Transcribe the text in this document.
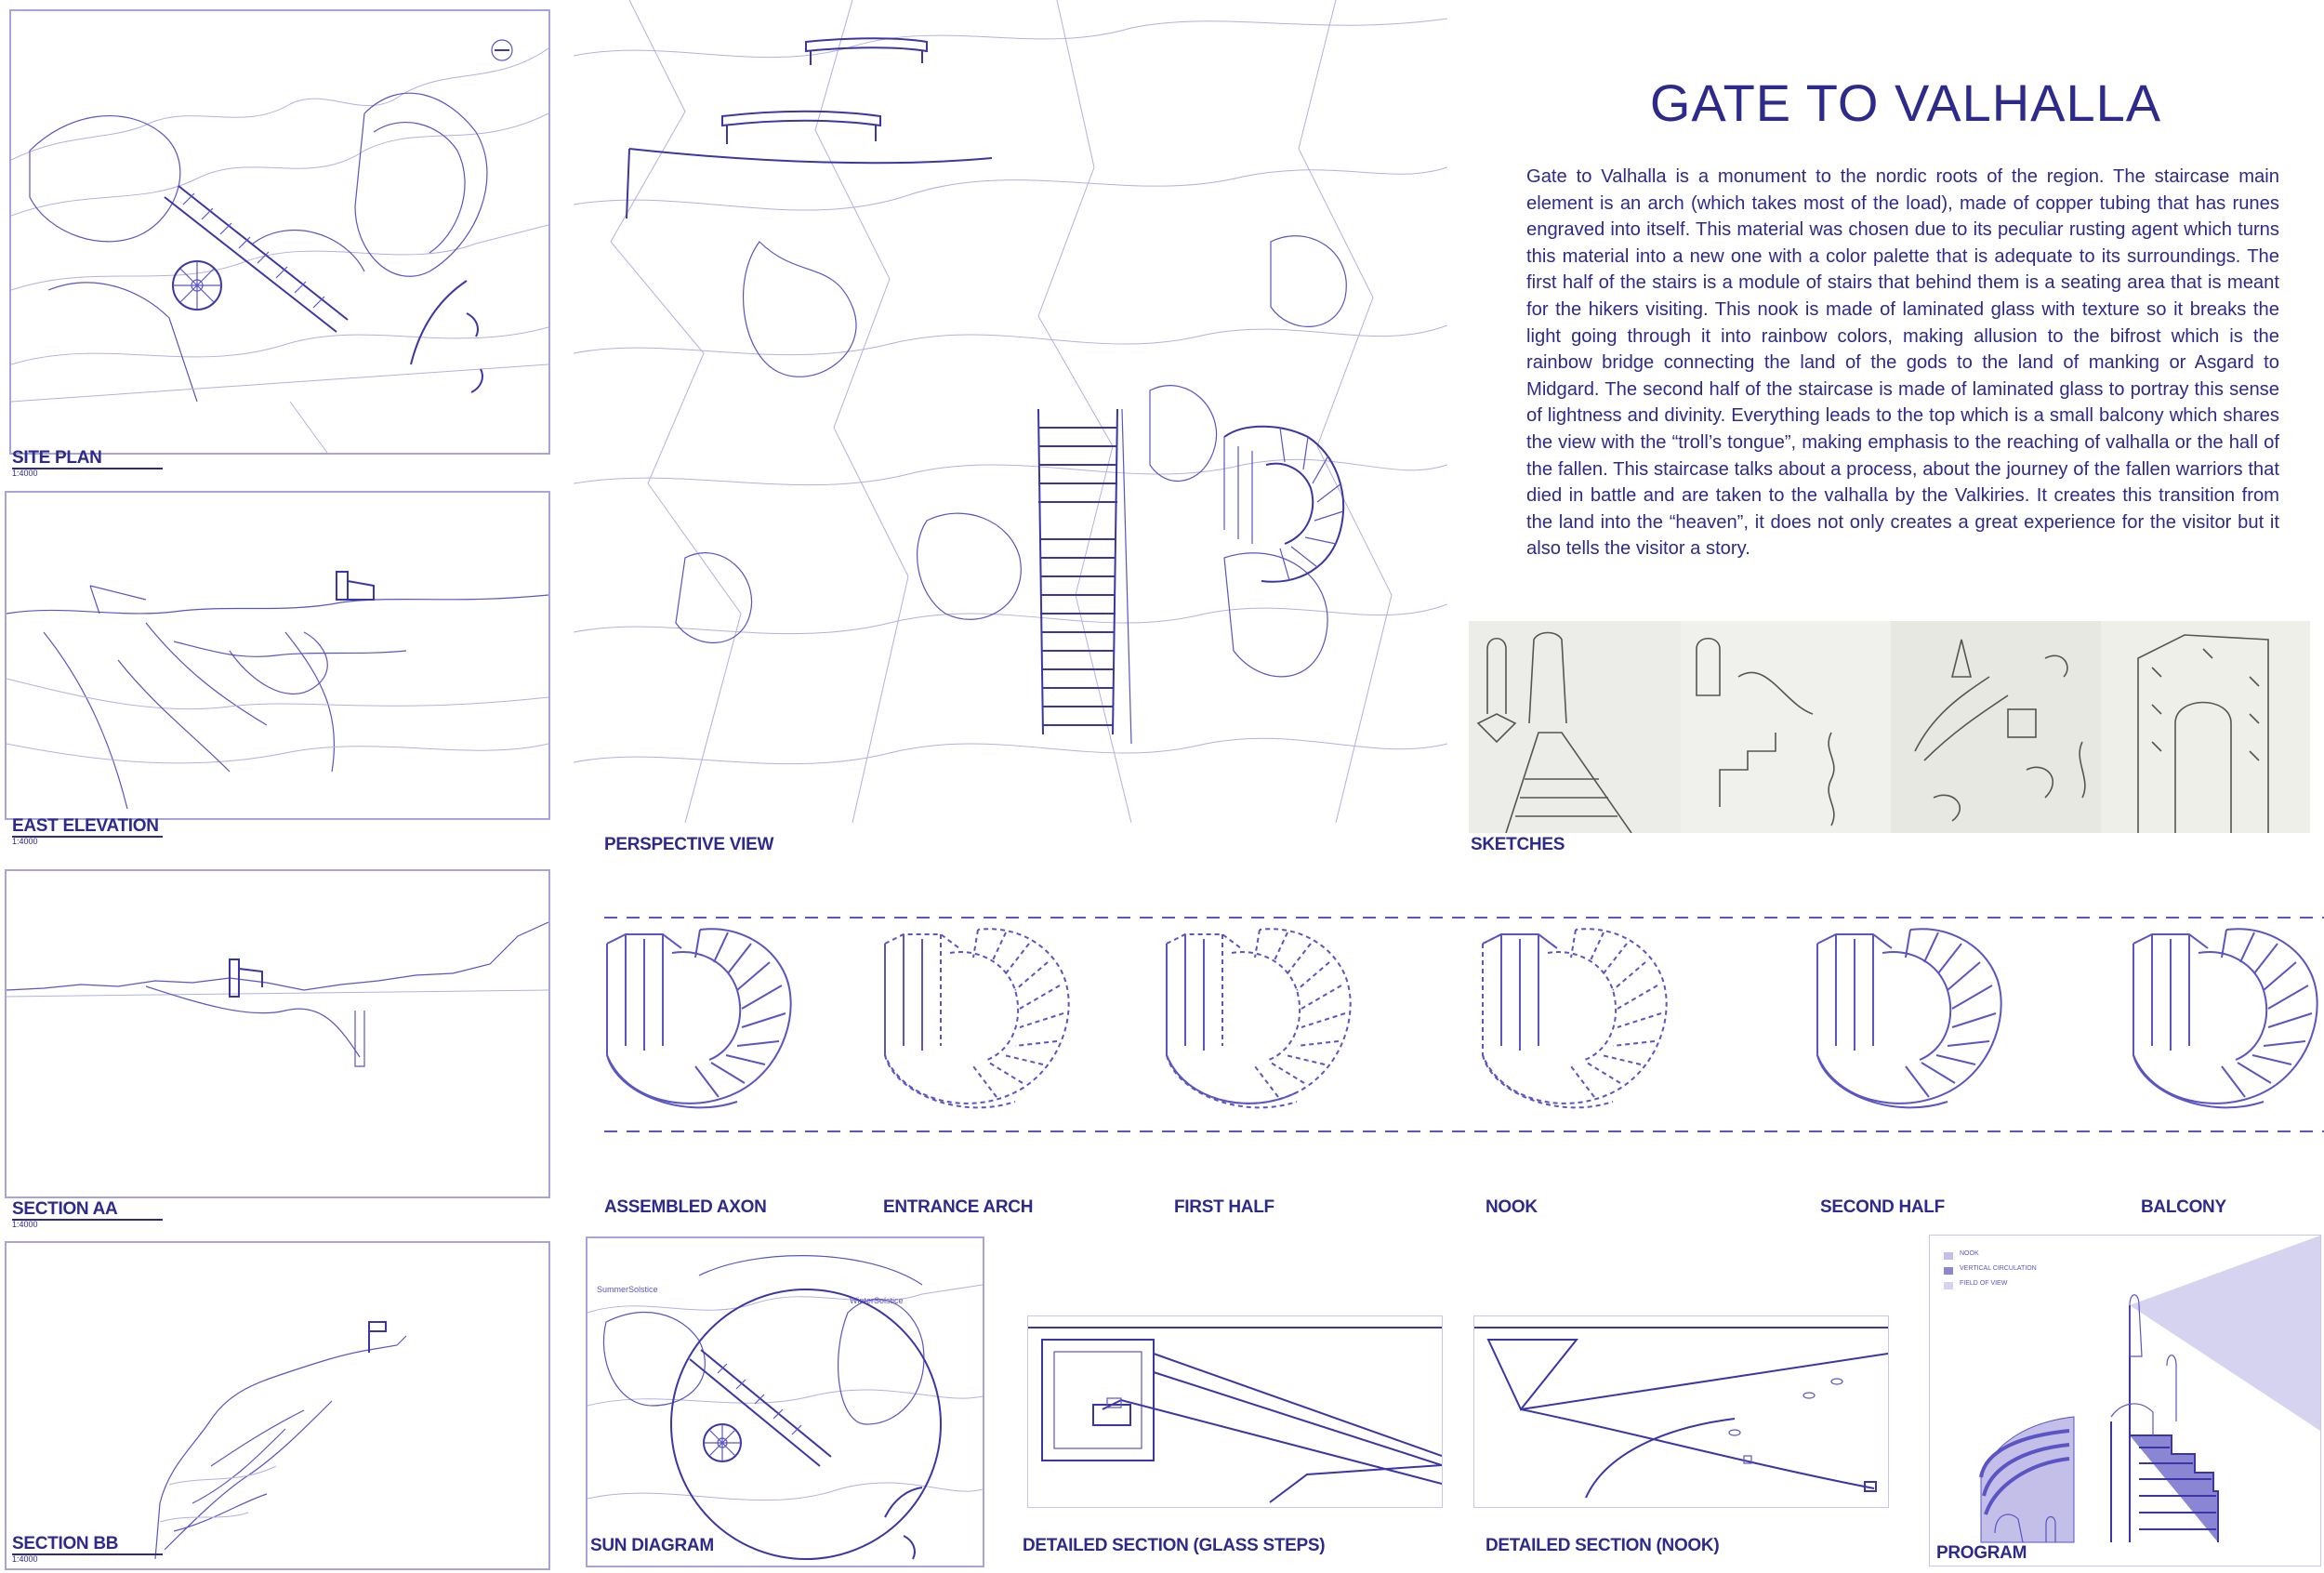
GATE TO VALHALLA

Gate to Valhalla is a monument to the nordic roots of the region. The staircase main element is an arch (which takes most of the load), made of copper tubing that has runes engraved into itself. This material was chosen due to its peculiar rusting agent which turns this material into a new one with a color palette that is adequate to its surroundings. The first half of the stairs is a module of stairs that behind them is a seating area that is meant for the hikers visiting. This nook is made of laminated glass with texture so it breaks the light going through it into rainbow colors, making allusion to the bifrost which is the rainbow bridge connecting the land of the gods to the land of manking or Asgard to Midgard. The second half of the staircase is made of laminated glass to portray this sense of lightness and divinity. Everything leads to the top which is a small balcony which shares the view with the “troll’s tongue”, making emphasis to the reaching of valhalla or the hall of the fallen. This staircase talks about a process, about the journey of the fallen warriors that died in battle and are taken to the valhalla by the Valkiries. It creates this transition from the land into the “heaven”, it does not only creates a great experience for the visitor but it also tells the visitor a story.

SITE PLAN
1:4000
EAST ELEVATION
1:4000
SECTION AA
1:4000
SECTION BB
1:4000
PERSPECTIVE VIEW	SKETCHES
ASSEMBLED AXON	ENTRANCE ARCH	FIRST HALF	NOOK	SECOND HALF	BALCONY
SummerSolstice
WinterSolstice
SUN DIAGRAM	DETAILED SECTION (GLASS STEPS)	DETAILED SECTION (NOOK)
NOOK
VERTICAL CIRCULATION
FIELD OF VIEW
PROGRAM
